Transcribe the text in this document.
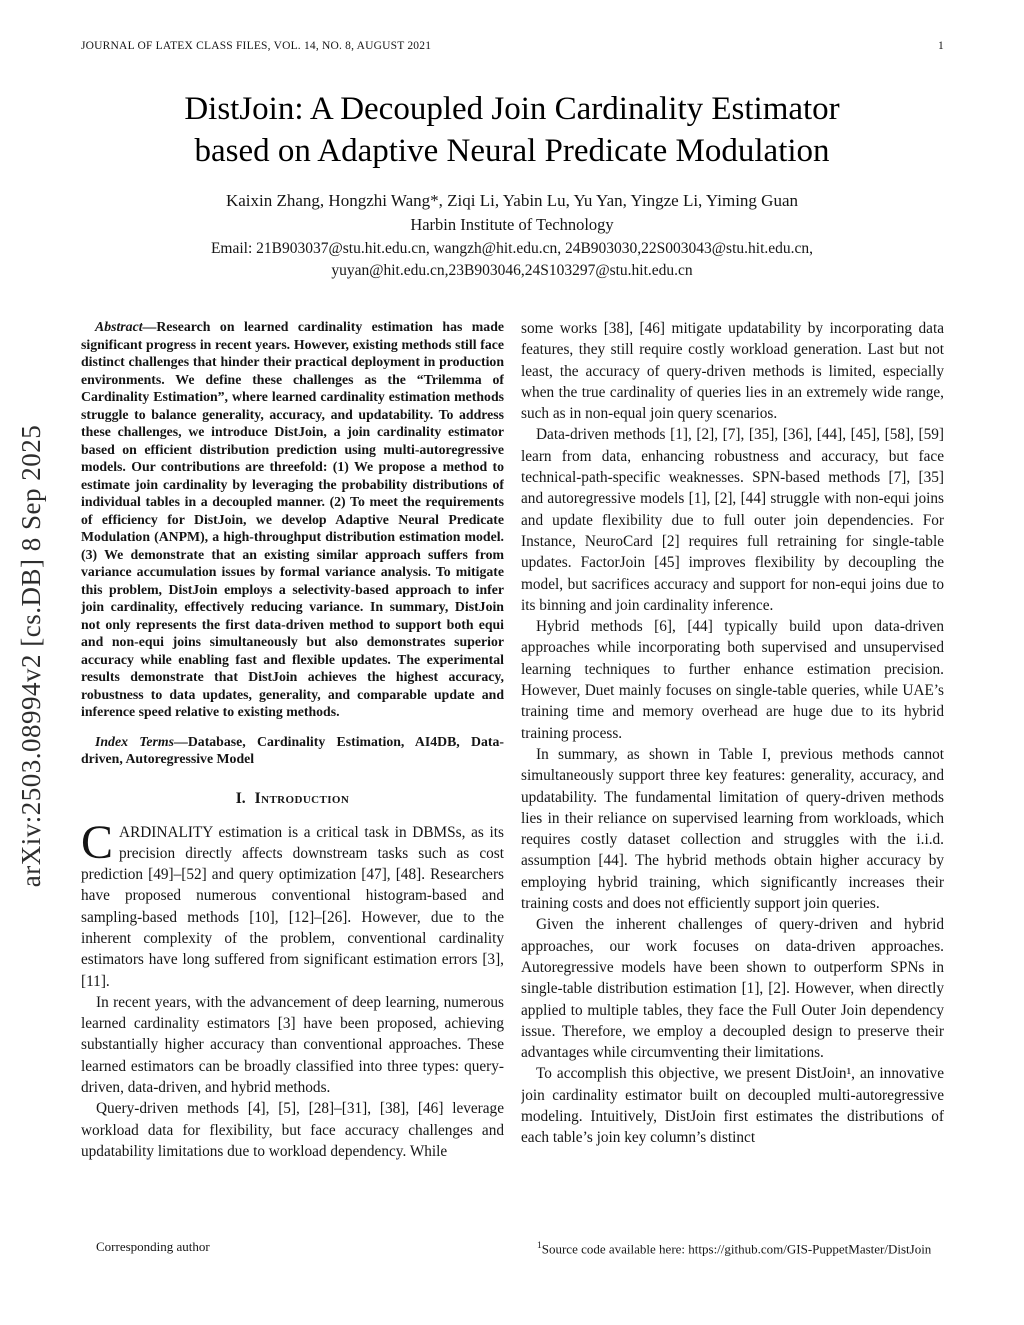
JOURNAL OF LATEX CLASS FILES, VOL. 14, NO. 8, AUGUST 2021	1
arXiv:2503.08994v2 [cs.DB] 8 Sep 2025
DistJoin: A Decoupled Join Cardinality Estimator
based on Adaptive Neural Predicate Modulation
Kaixin Zhang, Hongzhi Wang*, Ziqi Li, Yabin Lu, Yu Yan, Yingze Li, Yiming Guan
Harbin Institute of Technology
Email: 21B903037@stu.hit.edu.cn, wangzh@hit.edu.cn, 24B903030,22S003043@stu.hit.edu.cn,
yuyan@hit.edu.cn,23B903046,24S103297@stu.hit.edu.cn

Abstract—Research on learned cardinality estimation has made significant progress in recent years. However, existing methods still face distinct challenges that hinder their practical deployment in production environments. We define these challenges as the “Trilemma of Cardinality Estimation”, where learned cardinality estimation methods struggle to balance generality, accuracy, and updatability. To address these challenges, we introduce DistJoin, a join cardinality estimator based on efficient distribution prediction using multi-autoregressive models. Our contributions are threefold: (1) We propose a method to estimate join cardinality by leveraging the probability distributions of individual tables in a decoupled manner. (2) To meet the requirements of efficiency for DistJoin, we develop Adaptive Neural Predicate Modulation (ANPM), a high-throughput distribution estimation model. (3) We demonstrate that an existing similar approach suffers from variance accumulation issues by formal variance analysis. To mitigate this problem, DistJoin employs a selectivity-based approach to infer join cardinality, effectively reducing variance. In summary, DistJoin not only represents the first data-driven method to support both equi and non-equi joins simultaneously but also demonstrates superior accuracy while enabling fast and flexible updates. The experimental results demonstrate that DistJoin achieves the highest accuracy, robustness to data updates, generality, and comparable update and inference speed relative to existing methods.

Index Terms—Database, Cardinality Estimation, AI4DB, Data-driven, Autoregressive Model

I. Introduction

CARDINALITY estimation is a critical task in DBMSs, as its precision directly affects downstream tasks such as cost prediction [49]–[52] and query optimization [47], [48]. Researchers have proposed numerous conventional histogram-based and sampling-based methods [10], [12]–[26]. However, due to the inherent complexity of the problem, conventional cardinality estimators have long suffered from significant estimation errors [3], [11].

In recent years, with the advancement of deep learning, numerous learned cardinality estimators [3] have been proposed, achieving substantially higher accuracy than conventional approaches. These learned estimators can be broadly classified into three types: query-driven, data-driven, and hybrid methods.

Query-driven methods [4], [5], [28]–[31], [38], [46] leverage workload data for flexibility, but face accuracy challenges and updatability limitations due to workload dependency. While

some works [38], [46] mitigate updatability by incorporating data features, they still require costly workload generation. Last but not least, the accuracy of query-driven methods is limited, especially when the true cardinality of queries lies in an extremely wide range, such as in non-equal join query scenarios.

Data-driven methods [1], [2], [7], [35], [36], [44], [45], [58], [59] learn from data, enhancing robustness and accuracy, but face technical-path-specific weaknesses. SPN-based methods [7], [35] and autoregressive models [1], [2], [44] struggle with non-equi joins and update flexibility due to full outer join dependencies. For Instance, NeuroCard [2] requires full retraining for single-table updates. FactorJoin [45] improves flexibility by decoupling the model, but sacrifices accuracy and support for non-equi joins due to its binning and join cardinality inference.

Hybrid methods [6], [44] typically build upon data-driven approaches while incorporating both supervised and unsupervised learning techniques to further enhance estimation precision. However, Duet mainly focuses on single-table queries, while UAE’s training time and memory overhead are huge due to its hybrid training process.

In summary, as shown in Table I, previous methods cannot simultaneously support three key features: generality, accuracy, and updatability. The fundamental limitation of query-driven methods lies in their reliance on supervised learning from workloads, which requires costly dataset collection and struggles with the i.i.d. assumption [44]. The hybrid methods obtain higher accuracy by employing hybrid training, which significantly increases their training costs and does not efficiently support join queries.

Given the inherent challenges of query-driven and hybrid approaches, our work focuses on data-driven approaches. Autoregressive models have been shown to outperform SPNs in single-table distribution estimation [1], [2]. However, when directly applied to multiple tables, they face the Full Outer Join dependency issue. Therefore, we employ a decoupled design to preserve their advantages while circumventing their limitations.

To accomplish this objective, we present DistJoin¹, an innovative join cardinality estimator built on decoupled multi-autoregressive modeling. Intuitively, DistJoin first estimates the distributions of each table’s join key column’s distinct

Corresponding author	$^1$Source code available here: https://github.com/GIS-PuppetMaster/DistJoin
